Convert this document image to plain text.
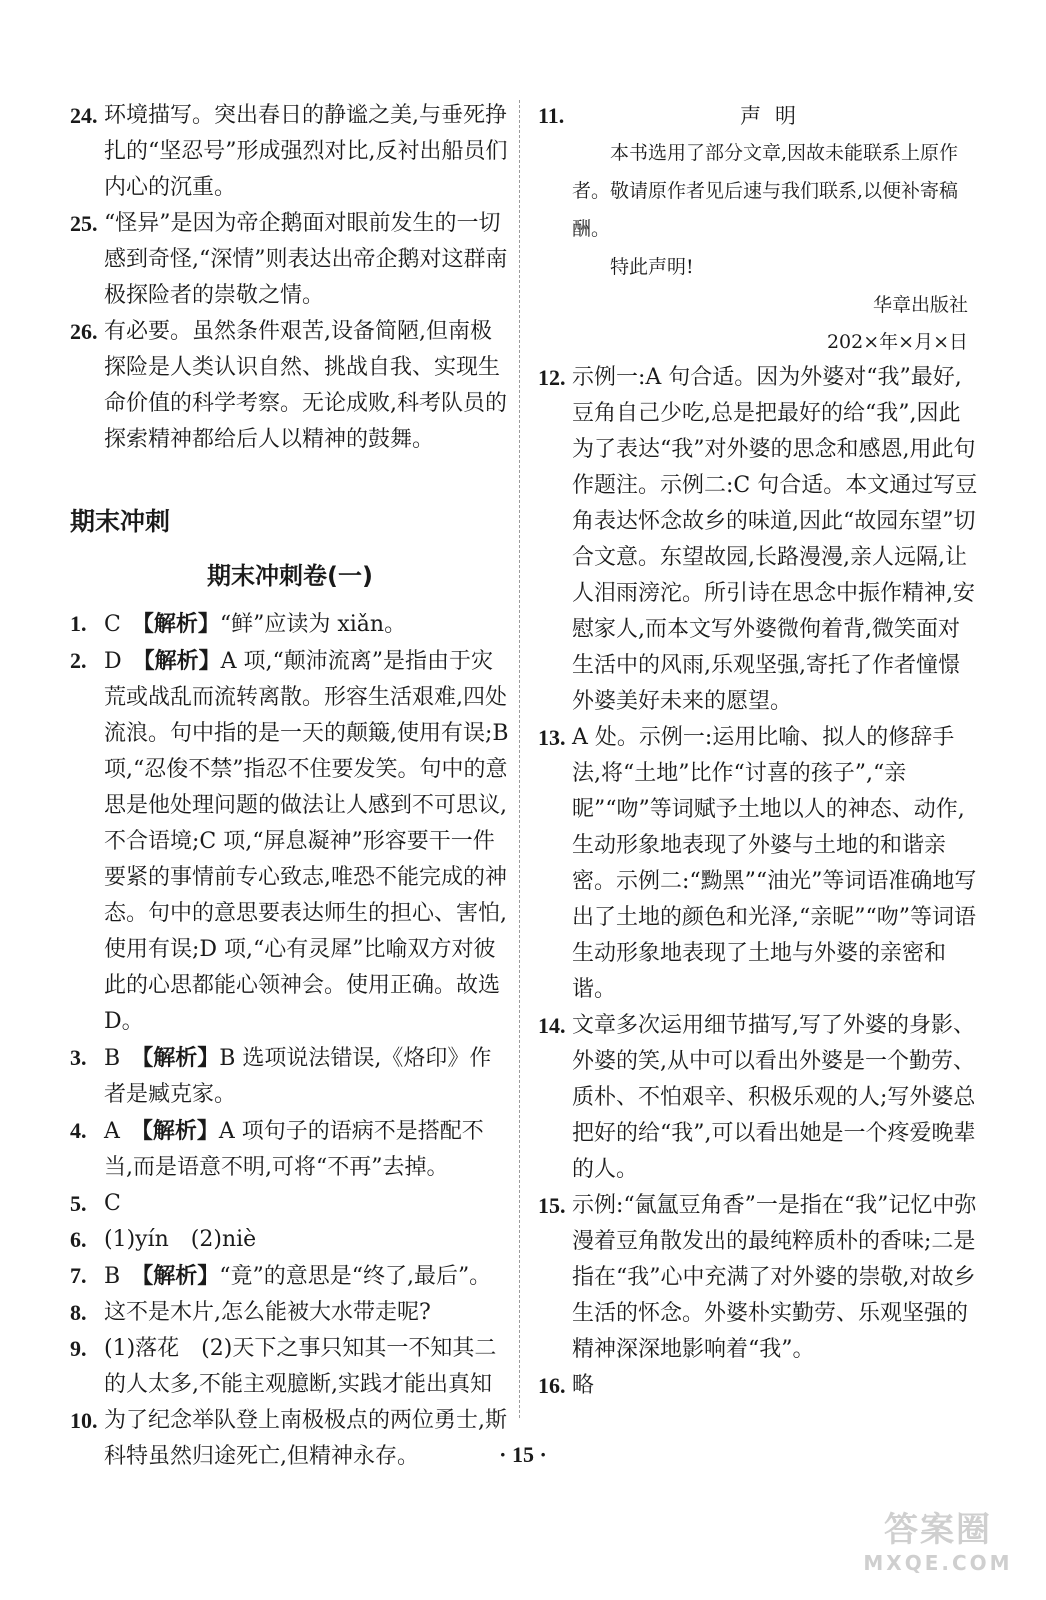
24. 环境描写。突出春日的静谧之美,与垂死挣扎的“坚忍号”形成强烈对比,反衬出船员们内心的沉重。

25. “怪异”是因为帝企鹅面对眼前发生的一切感到奇怪,“深情”则表达出帝企鹅对这群南极探险者的崇敬之情。

26. 有必要。虽然条件艰苦,设备简陋,但南极探险是人类认识自然、挑战自我、实现生命价值的科学考察。无论成败,科考队员的探索精神都给后人以精神的鼓舞。

期末冲刺
期末冲刺卷(一)

1. C　 【解析】“鲜”应读为 xiǎn。

2. D　 【解析】A 项,“颠沛流离”是指由于灾荒或战乱而流转离散。形容生活艰难,四处流浪。句中指的是一天的颠簸,使用有误;B 项,“忍俊不禁”指忍不住要发笑。句中的意思是他处理问题的做法让人感到不可思议,不合语境;C 项,“屏息凝神”形容要干一件要紧的事情前专心致志,唯恐不能完成的神态。句中的意思要表达师生的担心、害怕,使用有误;D 项,“心有灵犀”比喻双方对彼此的心思都能心领神会。使用正确。故选 D。

3. B　 【解析】B 选项说法错误,《烙印》作者是臧克家。

4. A　 【解析】A 项句子的语病不是搭配不当,而是语意不明,可将“不再”去掉。

5. C

6. (1)yín　(2)niè

7. B　 【解析】“竟”的意思是“终了,最后”。

8. 这不是木片,怎么能被大水带走呢?

9. (1)落花　(2)天下之事只知其一不知其二的人太多,不能主观臆断,实践才能出真知

10. 为了纪念举队登上南极极点的两位勇士,斯科特虽然归途死亡,但精神永存。

11.	声明

本书选用了部分文章,因故未能联系上原作者。敬请原作者见后速与我们联系,以便补寄稿酬。

特此声明!

华章出版社

202×年×月×日

12. 示例一:A 句合适。因为外婆对“我”最好,豆角自己少吃,总是把最好的给“我”,因此为了表达“我”对外婆的思念和感恩,用此句作题注。示例二:C 句合适。本文通过写豆角表达怀念故乡的味道,因此“故园东望”切合文意。东望故园,长路漫漫,亲人远隔,让人泪雨滂沱。所引诗在思念中振作精神,安慰家人,而本文写外婆微佝着背,微笑面对生活中的风雨,乐观坚强,寄托了作者憧憬外婆美好未来的愿望。

13. A 处。示例一:运用比喻、拟人的修辞手法,将“土地”比作“讨喜的孩子”,“亲昵”“吻”等词赋予土地以人的神态、动作,生动形象地表现了外婆与土地的和谐亲密。示例二:“黝黑”“油光”等词语准确地写出了土地的颜色和光泽,“亲昵”“吻”等词语生动形象地表现了土地与外婆的亲密和谐。

14. 文章多次运用细节描写,写了外婆的身影、外婆的笑,从中可以看出外婆是一个勤劳、质朴、不怕艰辛、积极乐观的人;写外婆总把好的给“我”,可以看出她是一个疼爱晚辈的人。

15. 示例:“氤氲豆角香”一是指在“我”记忆中弥漫着豆角散发出的最纯粹质朴的香味;二是指在“我”心中充满了对外婆的崇敬,对故乡生活的怀念。外婆朴实勤劳、乐观坚强的精神深深地影响着“我”。

16. 略

· 15 ·
答案圈
MXQE.COM
